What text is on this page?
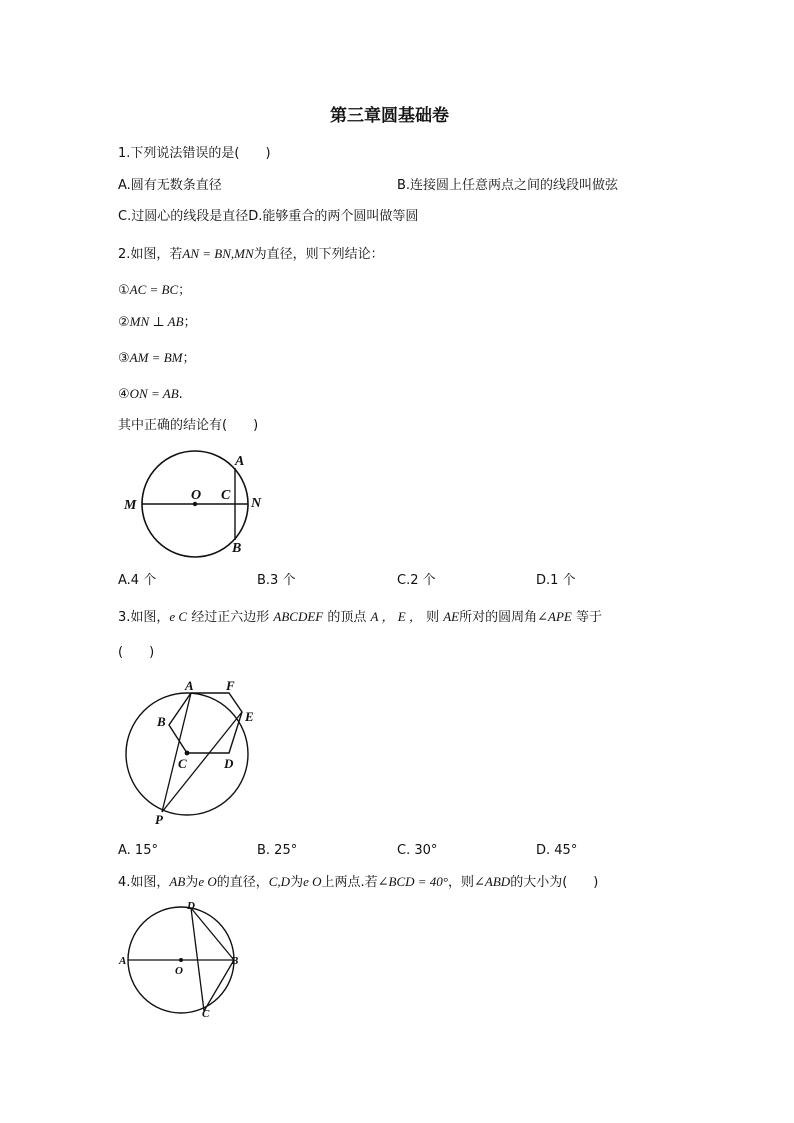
第三章圆基础卷
1.下列说法错误的是(　　)
A.圆有无数条直径	B.连接圆上任意两点之间的线段叫做弦
C.过圆心的线段是直径D.能够重合的两个圆叫做等圆
2.如图，若AN = BN,MN为直径，则下列结论：
①AC = BC；
②MN ⊥ AB；
③AM = BM；
④ON = AB.
其中正确的结论有(　　)
A
B
C
O
M	N
A.4 个	B.3 个	C.2 个	D.1 个
3.如图，e C 经过正六边形 ABCDEF 的顶点 A ， E ， 则 AE所对的圆周角∠APE 等于
(　　)
A F
B	E
C	D
P
A. 15°	B. 25°	C. 30°	D. 45°
4.如图，AB为e O的直径，C,D为e O上两点.若∠BCD = 40°，则∠ABD的大小为(　　)
A	B
D
C
O
